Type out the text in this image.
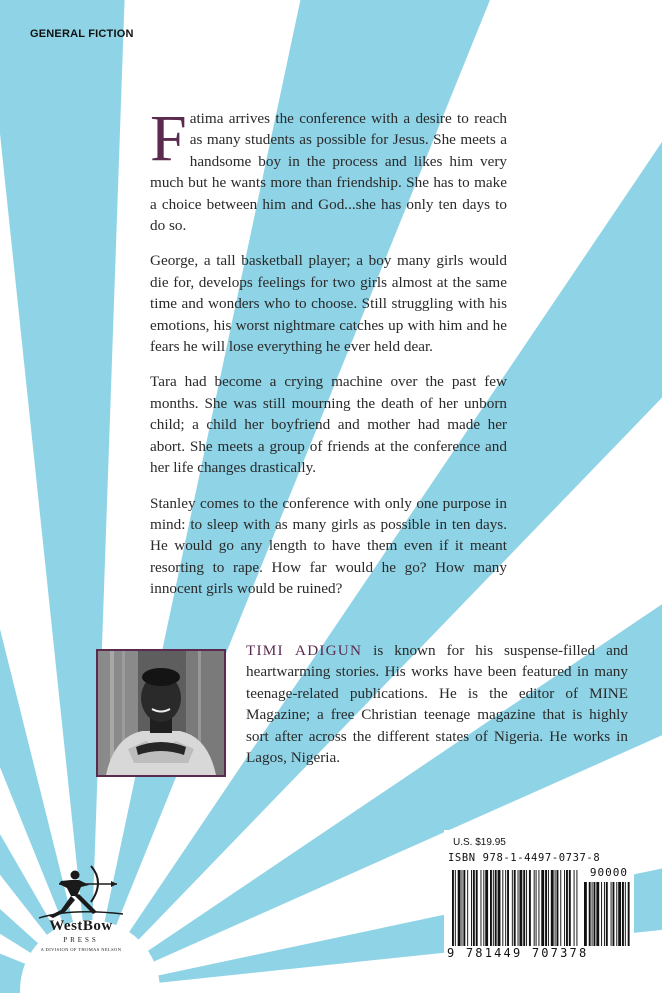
GENERAL FICTION

Fatima arrives the conference with a desire to reach as many students as possible for Jesus. She meets a handsome boy in the process and likes him very much but he wants more than friendship. She has to make a choice between him and God...she has only ten days to do so.

George, a tall basketball player; a boy many girls would die for, develops feelings for two girls almost at the same time and wonders who to choose. Still struggling with his emotions, his worst nightmare catches up with him and he fears he will lose everything he ever held dear.

Tara had become a crying machine over the past few months. She was still mourning the death of her unborn child; a child her boyfriend and mother had made her abort. She meets a group of friends at the conference and her life changes drastically.

Stanley comes to the conference with only one purpose in mind: to sleep with as many girls as possible in ten days. He would go any length to have them even if it meant resorting to rape. How far would he go? How many innocent girls would be ruined?

TIMI ADIGUN is known for his suspense-filled and heartwarming stories. His works have been featured in many teenage-related publications. He is the editor of MINE Magazine; a free Christian teenage magazine that is highly sort after across the different states of Nigeria. He works in Lagos, Nigeria.
WestBow
PRESS
A DIVISION OF THOMAS NELSON
U.S. $19.95
ISBN 978-1-4497-0737-8
90000
9 781449 707378
